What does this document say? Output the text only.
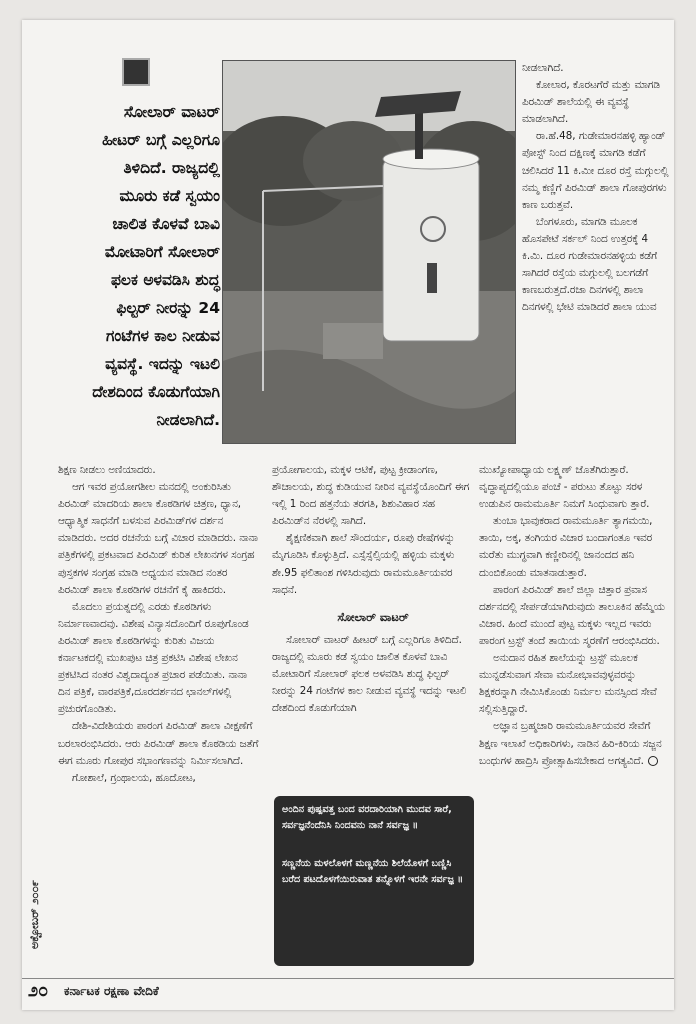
ಸೋಲಾರ್ ವಾಟರ್ ಹೀಟರ್ ಬಗ್ಗೆ ಎಲ್ಲರಿಗೂ ತಿಳಿದಿದೆ. ರಾಜ್ಯದಲ್ಲಿ ಮೂರು ಕಡೆ ಸ್ವಯಂ ಚಾಲಿತ ಕೊಳವೆ ಬಾವಿ ಮೋಟಾರಿಗೆ ಸೋಲಾರ್ ಫಲಕ ಅಳವಡಿಸಿ ಶುದ್ಧ ಫಿಲ್ಟರ್ ನೀರನ್ನು 24 ಗಂಟೆಗಳ ಕಾಲ ನೀಡುವ ವ್ಯವಸ್ಥೆ. ಇದನ್ನು ಇಟಲಿ ದೇಶದಿಂದ ಕೊಡುಗೆಯಾಗಿ ನೀಡಲಾಗಿದೆ.

ನೀಡಲಾಗಿದೆ.

ಕೋಲಾರ, ಕೊರಟಗೆರೆ ಮತ್ತು ಮಾಗಡಿ ಪಿರಮಿಡ್ ಶಾಲೆಯಲ್ಲಿ ಈ ವ್ಯವಸ್ಥೆ ಮಾಡಲಾಗಿದೆ.

ರಾ.ಹೆ.48, ಗುಡೇಮಾರನಹಳ್ಳಿ ಹ್ಯಾಂಡ್ ಪೋಸ್ಟ್ ನಿಂದ ದಕ್ಷಿಣಕ್ಕೆ ಮಾಗಡಿ ಕಡೆಗೆ ಚಲಿಸಿದರೆ 11 ಕಿ.ಮೀ ದೂರ ರಸ್ತೆ ಮಗ್ಗುಲಲ್ಲಿ ನಮ್ಮ ಕಣ್ಣಿಗೆ ಪಿರಮಿಡ್ ಶಾಲಾ ಗೋಪುರಗಳು ಕಾಣ ಬರುತ್ತವೆ.

ಬೆಂಗಳೂರು, ಮಾಗಡಿ ಮೂಲಕ ಹೊಸಪೇಟೆ ಸರ್ಕಲ್ ನಿಂದ ಉತ್ತರಕ್ಕೆ 4 ಕಿ.ಮಿ. ದೂರ ಗುಡೇಮಾರನಹಳ್ಳಿಯ ಕಡೆಗೆ ಸಾಗಿದರೆ ರಸ್ತೆಯ ಮಗ್ಗುಲಲ್ಲಿ ಬಲಗಡೆಗೆ ಕಾಣಬರುತ್ತದೆ.ರಜಾ ದಿನಗಳಲ್ಲಿ ಶಾಲಾ ದಿನಗಳಲ್ಲಿ ಭೇಟಿ ಮಾಡಿದರೆ ಶಾಲಾ ಯುವ

ಶಿಕ್ಷಣ ನೀಡಲು ಅಣಿಯಾದರು.

ಆಗ ಇವರ ಪ್ರಯೋಗಶೀಲ ಮನದಲ್ಲಿ ಅಂಕುರಿಸಿತು ಪಿರಮಿಡ್ ಮಾದರಿಯ ಶಾಲಾ ಕೊಠಡಿಗಳ ಚಿತ್ರಣ, ಧ್ಯಾನ, ಆಧ್ಯಾತ್ಮಿಕ ಸಾಧನೆಗೆ ಬಳಸುವ ಪಿರಮಿಡ್‌ಗಳ ದರ್ಶನ ಮಾಡಿದರು. ಅದರ ರಚನೆಯ ಬಗ್ಗೆ ವಿಚಾರ ಮಾಡಿದರು. ನಾನಾ ಪತ್ರಿಕೆಗಳಲ್ಲಿ ಪ್ರಕಟವಾದ ಪಿರಮಿಡ್ ಕುರಿತ ಲೇಖನಗಳ ಸಂಗ್ರಹ ಪುಸ್ತಕಗಳ ಸಂಗ್ರಹ ಮಾಡಿ ಅಧ್ಯಯನ ಮಾಡಿದ ನಂತರ ಪಿರಮಿಡ್ ಶಾಲಾ ಕೊಠಡಿಗಳ ರಚನೆಗೆ ಕೈ ಹಾಕಿದರು.

ಮೊದಲು ಪ್ರಯತ್ನದಲ್ಲಿ ಎರಡು ಕೊಠಡಿಗಳು ನಿರ್ಮಾಣವಾದವು. ವಿಶೇಷ ವಿನ್ಯಾಸದೊಂದಿಗೆ ರೂಪುಗೊಂಡ ಪಿರಮಿಡ್ ಶಾಲಾ ಕೊಠಡಿಗಳನ್ನು ಕುರಿತು ವಿಜಯ ಕರ್ನಾಟಕದಲ್ಲಿ ಮುಖಪುಟ ಚಿತ್ರ ಪ್ರಕಟಿಸಿ ವಿಶೇಷ ಲೇಖನ ಪ್ರಕಟಿಸಿದ ನಂತರ ವಿಶ್ವದಾದ್ಯಂತ ಪ್ರಚಾರ ಪಡೆಯಿತು. ನಾನಾ ದಿನ ಪತ್ರಿಕೆ, ವಾರಪತ್ರಿಕೆ,ದೂರದರ್ಶನದ ಛಾನಲ್‌ಗಳಲ್ಲಿ ಪ್ರಚುರಗೊಂಡಿತು.

ದೇಶಿ-ವಿದೇಶಿಯರು ಪಾರಂಗ ಪಿರಮಿಡ್ ಶಾಲಾ ವೀಕ್ಷಣೆಗೆ ಬರಲಾರಂಭಿಸಿದರು. ಆರು ಪಿರಮಿಡ್ ಶಾಲಾ ಕೊಠಡಿಯ ಜತೆಗೆ ಈಗ ಮೂರು ಗೋಪುರ ಸಭಾಂಗಣವನ್ನು ನಿರ್ಮಿಸಲಾಗಿದೆ.

ಗೋಶಾಲೆ, ಗ್ರಂಥಾಲಯ, ಹೂದೋಟ,

ಪ್ರಯೋಗಾಲಯ, ಮಕ್ಕಳ ಆಟಿಕೆ, ಪುಟ್ಟ ಕ್ರೀಡಾಂಗಣ, ಶೌಚಾಲಯ, ಶುದ್ಧ ಕುಡಿಯುವ ನೀರಿನ ವ್ಯವಸ್ಥೆಯೊಂದಿಗೆ ಈಗ ಇಲ್ಲಿ 1 ರಿಂದ ಹತ್ತನೆಯ ತರಗತಿ, ಶಿಶುವಿಹಾರ ಸಹ ಪಿರಮಿಡ್‌ನ ನೆರಳಲ್ಲಿ ಸಾಗಿದೆ.

ಶೈಕ್ಷಣಿಕವಾಗಿ ಶಾಲೆ ಸೌಂದರ್ಯ, ರೂಪು ರೇಷೆಗಳನ್ನು ಮೈಗೂಡಿಸಿ ಕೊಳ್ಳುತ್ತಿದೆ. ಎಸ್ಸೆಸ್ಸೆಲ್ಸಿಯಲ್ಲಿ ಹಳ್ಳಿಯ ಮಕ್ಕಳು ಶೇ.95 ಫಲಿತಾಂಶ ಗಳಿಸಿರುವುದು ರಾಮಮೂರ್ತಿಯವರ ಸಾಧನೆ.

ಸೋಲಾರ್ ವಾಟರ್

ಸೋಲಾರ್ ವಾಟರ್ ಹೀಟರ್ ಬಗ್ಗೆ ಎಲ್ಲರಿಗೂ ತಿಳಿದಿದೆ. ರಾಜ್ಯದಲ್ಲಿ ಮೂರು ಕಡೆ ಸ್ವಯಂ ಚಾಲಿತ ಕೊಳವೆ ಬಾವಿ ಮೋಟಾರಿಗೆ ಸೋಲಾರ್ ಫಲಕ ಅಳವಡಿಸಿ ಶುದ್ಧ ಫಿಲ್ಟರ್ ನೀರನ್ನು 24 ಗಂಟೆಗಳ ಕಾಲ ನೀಡುವ ವ್ಯವಸ್ಥೆ ಇದನ್ನು ಇಟಲಿ ದೇಶದಿಂದ ಕೊಡುಗೆಯಾಗಿ

ಅಂದಿನ ಪುಷ್ಪವತ್ತ ಬಂದ ವರದಾರಿಯಾಗಿ ಮುದವ ಸಾರೆ, ಸರ್ವಜ್ಞನೆಂದೆನಿಸಿ ನಿಂದವನು ನಾನೆ ಸರ್ವಜ್ಞ ॥
ಸಣ್ಣನೆಯ ಮಳಲೊಳಗೆ ಮಣ್ಣನೆಯ ಶಿಲೆಯೊಳಗೆ ಬಣ್ಣಿಸಿ ಬರೆದ ಪಟದೊಳಗೆಯಿರುವಾತ ತನ್ನೊಳಗೆ ಇರನೇ ಸರ್ವಜ್ಞ ॥

ಮುಖ್ಯೋಪಾಧ್ಯಾಯ ಲಕ್ಷ್ಮಣ್ ಜೊತೆಗಿರುತ್ತಾರೆ. ವೃದ್ಧಾಪ್ಯದಲ್ಲಿಯೂ ಪಂಚೆ - ಪರುಟು ತೊಟ್ಟು ಸರಳ ಉಡುಪಿನ ರಾಮಮೂರ್ತಿ ನಿಮಗೆ ಸಿಂಧುವಾಗು ತ್ತಾರೆ.

ತುಂಬಾ ಭಾವುಕರಾದ ರಾಮಮೂರ್ತಿ ತ್ಯಾಗಮಯಿ, ತಾಯಿ, ಅಕ್ಕ, ತಂಗಿಯರ ವಿಚಾರ ಬಂದಾಗಂತೂ ಇವರ ಮರೆತು ಮುಗ್ಧವಾಗಿ ಕಣ್ಣೀರಿನಲ್ಲಿ ಜಾನಂದದ ಹನಿ ದುಂಬಿಕೊಂಡು ಮಾತನಾಡುತ್ತಾರೆ.

ಪಾರಂಗ ಪಿರಮಿಡ್ ಶಾಲೆ ಜಿಲ್ಲಾ ಚಿತ್ತಾರ ಪ್ರವಾಸ ದರ್ಶನದಲ್ಲಿ ಸೇರ್ಪಡೆಯಾಗಿರುವುದು ತಾಲೂಕಿನ ಹೆಮ್ಮೆಯ ವಿಚಾರ. ಹಿಂದೆ ಮುಂದೆ ಪುಟ್ಟ ಮಕ್ಕಳು ಇಲ್ಲದ ಇವರು ಪಾರಂಗ ಟ್ರಸ್ಟ್ ತಂದೆ ತಾಯಿಯ ಸ್ಮರಣೆಗೆ ಆರಂಭಿಸಿದರು.

ಅನುದಾನ ರಹಿತ ಶಾಲೆಯನ್ನು ಟ್ರಸ್ಟ್ ಮೂಲಕ ಮುನ್ನಡೆಸುವಾಗ ಸೇವಾ ಮನೋಭಾವವುಳ್ಳವರನ್ನು ಶಿಕ್ಷಕರನ್ನಾಗಿ ನೇಮಿಸಿಕೊಂಡು ನಿರ್ಮಲ ಮನಸ್ಸಿಂದ ಸೇವೆ ಸಲ್ಲಿಸುತ್ತಿದ್ದಾರೆ.

ಅಜ್ಞಾನ ಬ್ರಹ್ಮಚಾರಿ ರಾಮಮೂರ್ತಿಯವರ ಸೇವೆಗೆ ಶಿಕ್ಷಣ ಇಲಾಖೆ ಅಧಿಕಾರಿಗಳು, ನಾಡಿನ ಹಿರಿ-ಕಿರಿಯ ಸಜ್ಜನ ಬಂಧುಗಳ ಹಾದ್ರಿಸಿ ಪ್ರೋತ್ಸಾಹಿಸಬೇಕಾದ ಅಗತ್ಯವಿದೆ.

ಅಕ್ಟೋಬರ್ ೨೦೦೯
೨೦ ಕರ್ನಾಟಕ ರಕ್ಷಣಾ ವೇದಿಕೆ
